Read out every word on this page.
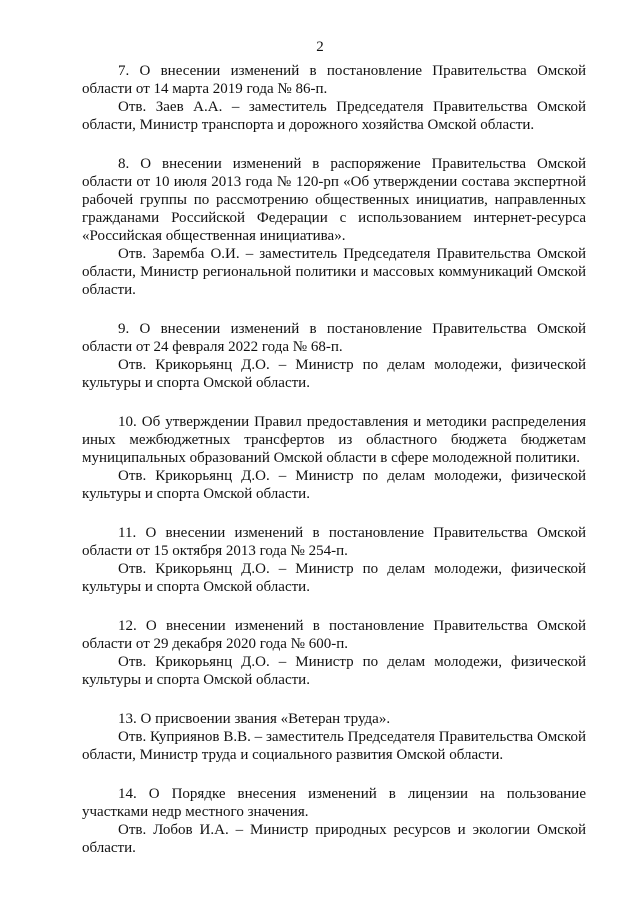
2

7. О внесении изменений в постановление Правительства Омской области от 14 марта 2019 года № 86-п.

Отв. Заев А.А. – заместитель Председателя Правительства Омской области, Министр транспорта и дорожного хозяйства Омской области.

8. О внесении изменений в распоряжение Правительства Омской области от 10 июля 2013 года № 120-рп «Об утверждении состава экспертной рабочей группы по рассмотрению общественных инициатив, направленных гражданами Российской Федерации с использованием интернет-ресурса «Российская общественная инициатива».

Отв. Заремба О.И. – заместитель Председателя Правительства Омской области, Министр региональной политики и массовых коммуникаций Омской области.

9. О внесении изменений в постановление Правительства Омской области от 24 февраля 2022 года № 68-п.

Отв. Крикорьянц Д.О. – Министр по делам молодежи, физической культуры и спорта Омской области.

10. Об утверждении Правил предоставления и методики распределения иных межбюджетных трансфертов из областного бюджета бюджетам муниципальных образований Омской области в сфере молодежной политики.

Отв. Крикорьянц Д.О. – Министр по делам молодежи, физической культуры и спорта Омской области.

11. О внесении изменений в постановление Правительства Омской области от 15 октября 2013 года № 254-п.

Отв. Крикорьянц Д.О. – Министр по делам молодежи, физической культуры и спорта Омской области.

12. О внесении изменений в постановление Правительства Омской области от 29 декабря 2020 года № 600-п.

Отв. Крикорьянц Д.О. – Министр по делам молодежи, физической культуры и спорта Омской области.

13. О присвоении звания «Ветеран труда».

Отв. Куприянов В.В. – заместитель Председателя Правительства Омской области, Министр труда и социального развития Омской области.

14. О Порядке внесения изменений в лицензии на пользование участками недр местного значения.

Отв. Лобов И.А. – Министр природных ресурсов и экологии Омской области.
